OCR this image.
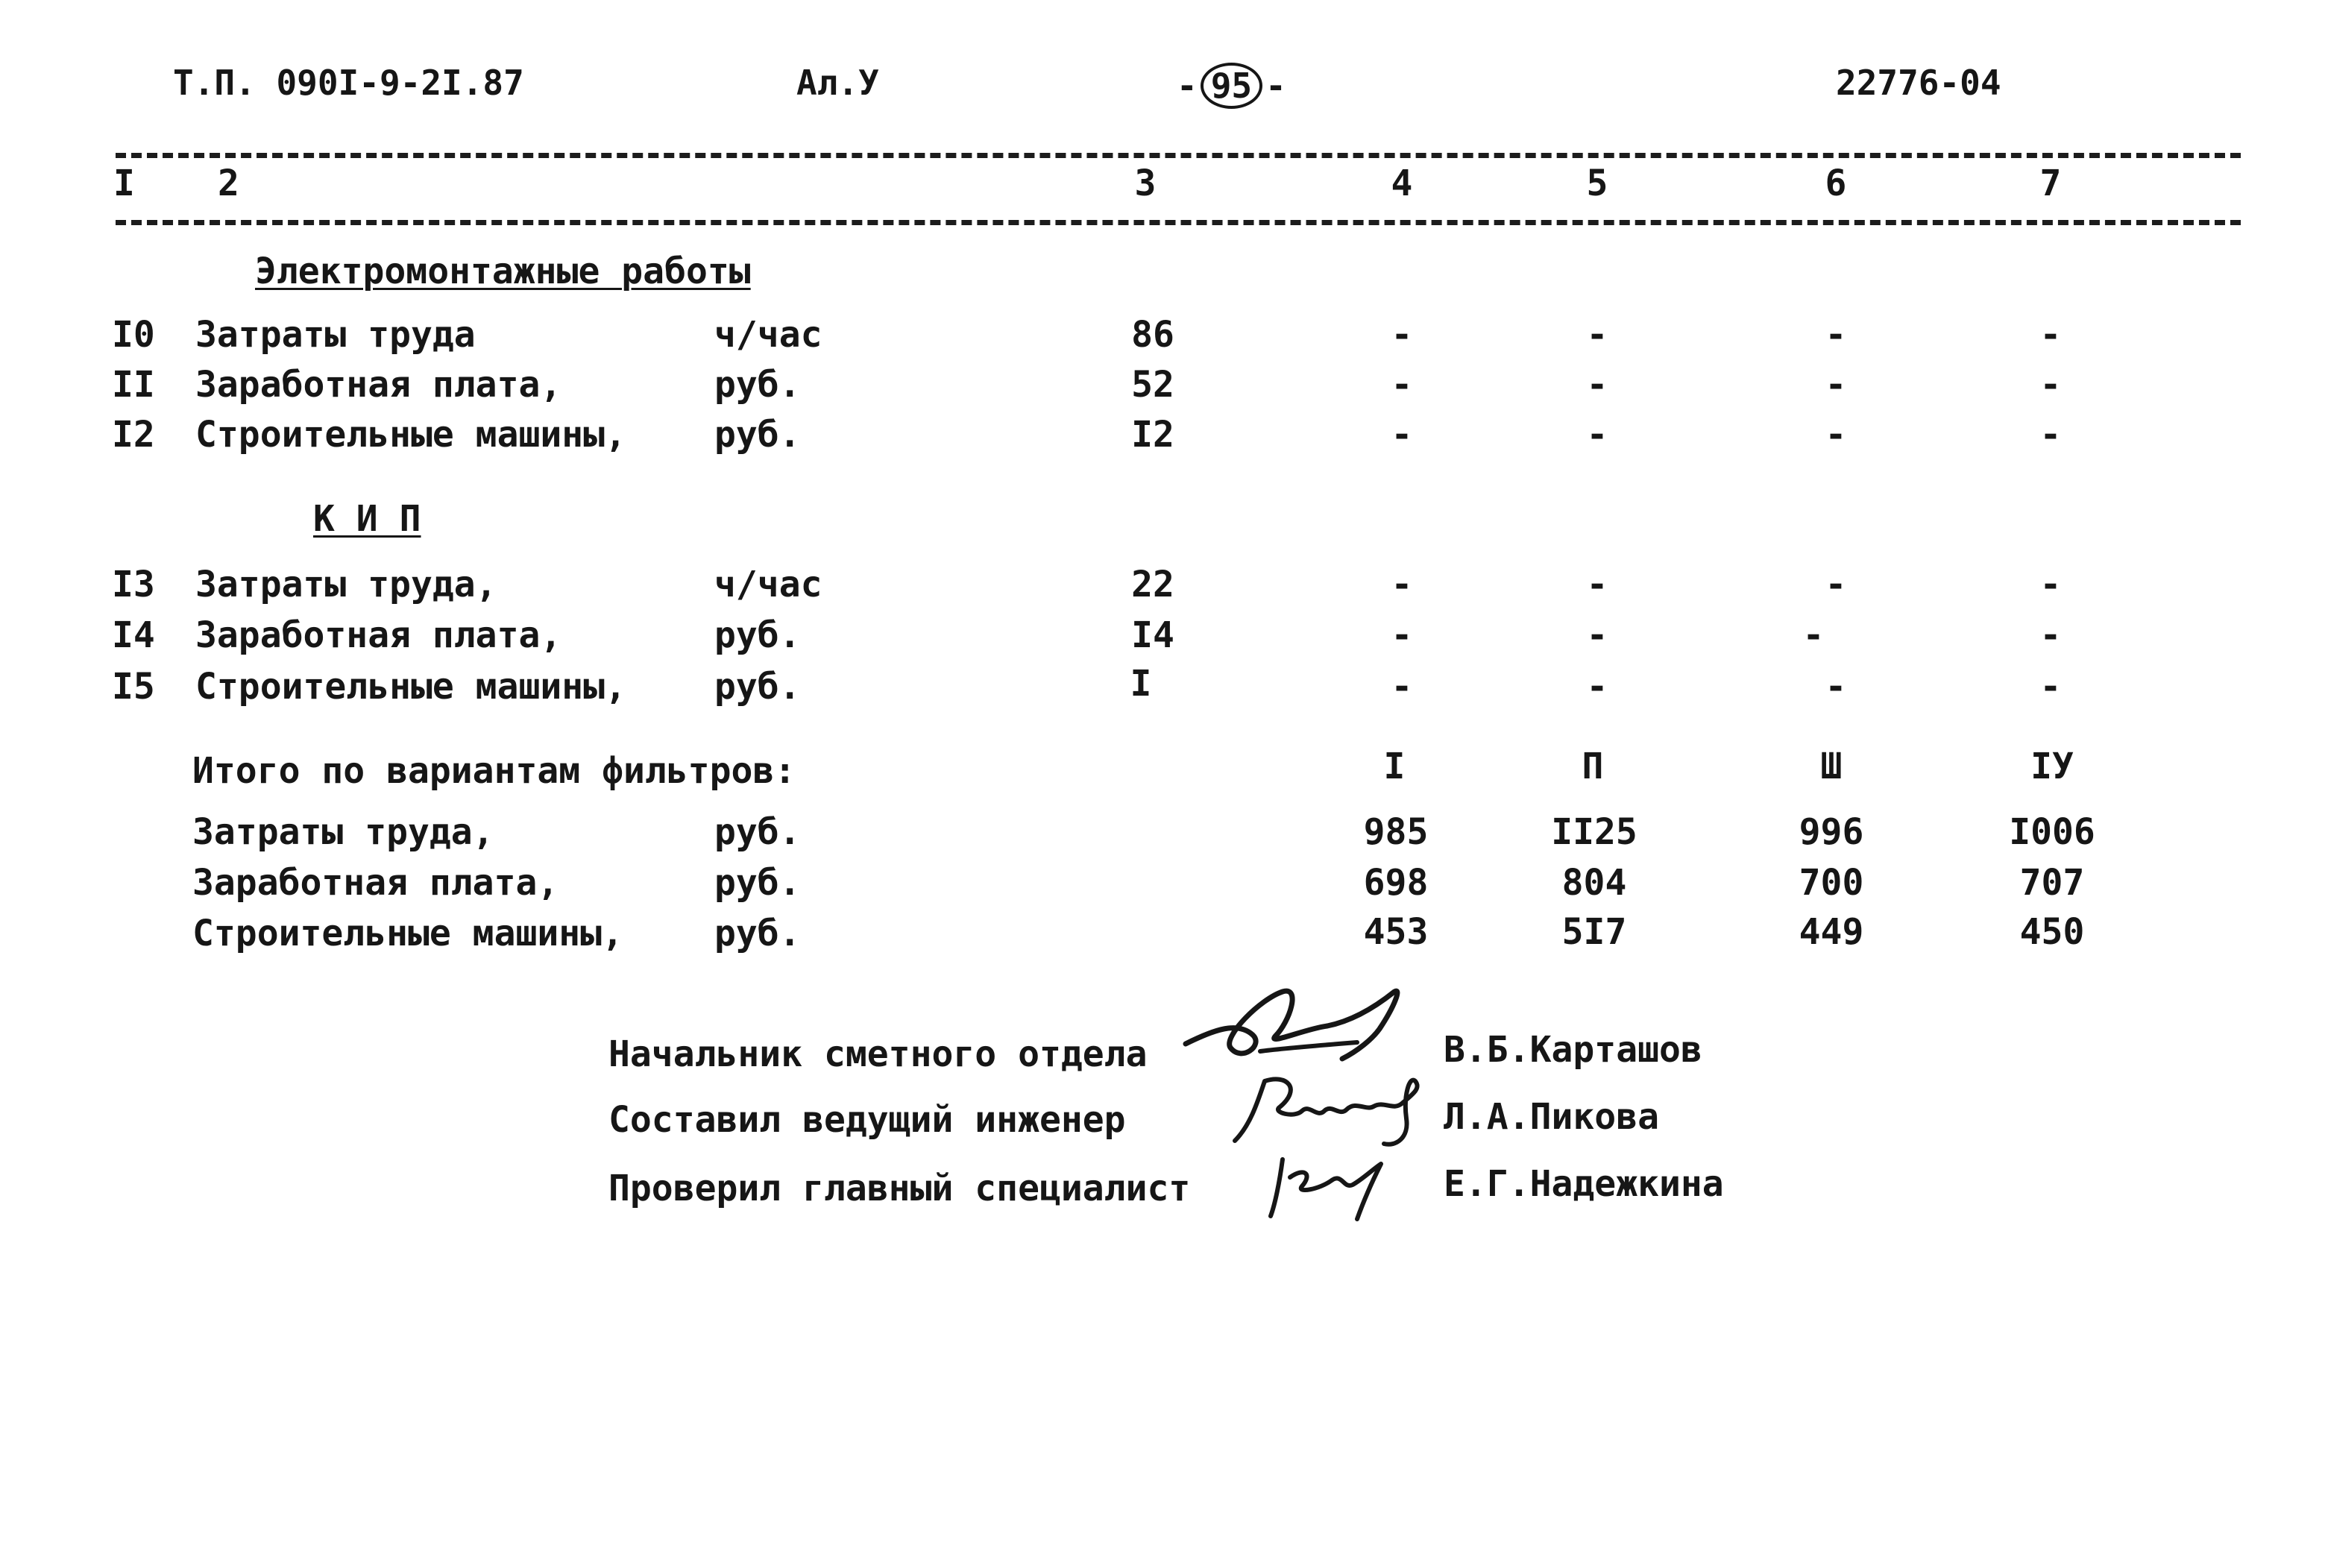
Т.П. 090I-9-2I.87	Ал.У	- 95 -	22776-04
I 2	3	4	5	6	7
Электромонтажные работы
I0 Затраты труда	ч/час	86	-	-	-	-
II Заработная плата,	руб.	52	-	-	-	-
I2 Строительные машины, руб.	I2	-	-	-	-
К И П
I3 Затраты труда,	ч/час	22	-	-	-	-
I4 Заработная плата,	руб.	I4	-	-	-	-
I5 Строительные машины, руб.	I	-	-	-	-
Итого по вариантам фильтров:	I	П	Ш	IУ
Затраты труда,	руб.	985	II25	996	I006
Заработная плата,	руб.	698	804	700	707
Строительные машины,	руб.	453	5I7	449	450
Начальник сметного отдела	В.Б.Карташов
Составил ведущий инженер	Л.А.Пикова
Проверил главный специалист	Е.Г.Надежкина
